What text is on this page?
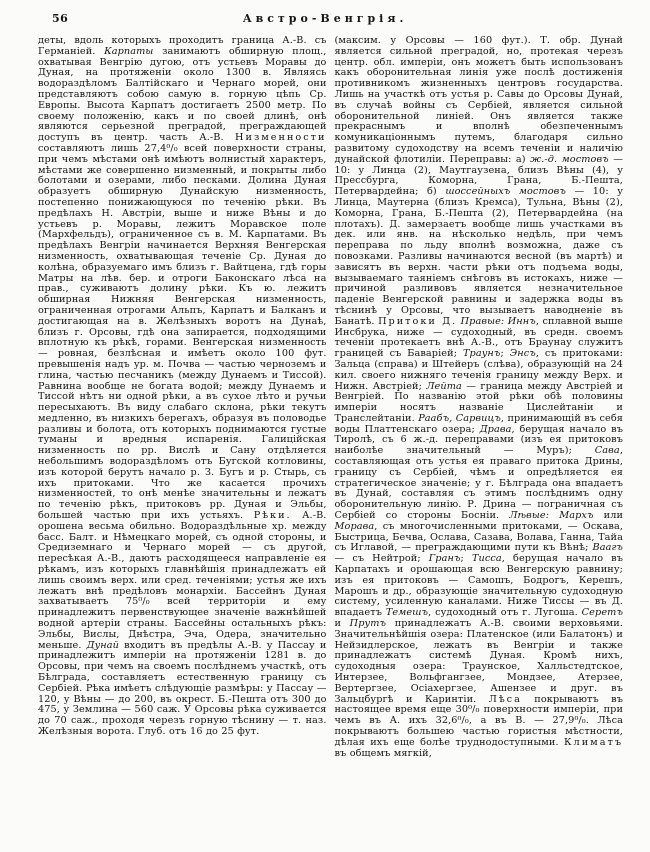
56	Австро-Венгрія.
деты, вдоль которыхъ проходитъ граница А.-В. съ Германіей. Карпаты занимаютъ обширную площ., охватывая Венгрію дугою, отъ устьевъ Моравы до Дуная, на протяженіи около 1300 в. Являясь водораздѣломъ Балтійскаго и Чернаго морей, они представляютъ собою самую в. горную цѣпь Ср. Европы. Высота Карпатъ достигаетъ 2500 метр. По своему положенію, какъ и по своей длинѣ, онѣ являются серьезной преградой, преграждающей доступъ въ центр. часть А.-В. Низменности составляютъ лишь 27,4⁰/₀ всей поверхности страны, при чемъ мѣстами онѣ имѣютъ волнистый характеръ, мѣстами же совершенно низменный, и покрыты либо болотами и озерами, либо песками. Долина Дуная образуетъ обширную Дунайскую низменность, постепенно понижающуюся по теченію рѣки. Въ предѣлахъ Н. Австріи, выше и ниже Вѣны и до устьевъ р. Моравы, лежитъ Моравское поле (Мархфельдъ), ограниченное съ в. М. Карпатами. Въ предѣлахъ Венгріи начинается Верхняя Венгерская низменность, охватывающая теченіе Ср. Дуная до колѣна, образуемаго имъ близъ г. Вайтцена, гдѣ горы Матры на лѣв. бер. и отроги Баконскаго лѣса на прав., суживаютъ долину рѣки. Къ ю. лежитъ обширная Нижняя Венгерская низменность, ограниченная отрогами Альпъ, Карпатъ и Балканъ и достигающая на в. Желѣзныхъ воротъ на Дунаѣ, близъ г. Орсовы, гдѣ она запирается, подходящими вплотную къ рѣкѣ, горами. Венгерская низменность — ровная, безлѣсная и имѣетъ около 100 фут. превышенія надъ ур. м. Почва — частью черноземъ и глина, частью песчаникъ (между Дунаемъ и Тиссой). Равнина вообще не богата водой; между Дунаемъ и Тиссой нѣтъ ни одной рѣки, а въ сухое лѣто и ручьи пересыхаютъ. Въ виду слабаго склона, рѣки текутъ медленно, въ низкихъ берегахъ, образуя въ половодье разливы и болота, отъ которыхъ поднимаются густые туманы и вредныя испаренія. Галиційская низменность по рр. Вислѣ и Сану отдѣляется небольшимъ водораздѣломъ отъ Бугской котловины, изъ которой берутъ начало р. З. Бугъ и р. Стырь, съ ихъ притоками. Что же касается прочихъ низменностей, то онѣ менѣе значительны и лежатъ по теченію рѣкъ, притоковъ рр. Дуная и Эльбы, большей частью при ихъ устьяхъ. Рѣки. А.-В. орошена весьма обильно. Водораздѣльные хр. между басс. Балт. и Нѣмецкаго морей, съ одной стороны, и Средиземнаго и Чернаго морей — съ другой, пересѣкая А.-В., даютъ расходящееся направленіе ея рѣкамъ, изъ которыхъ главнѣйшія принадлежатъ ей лишь своимъ верх. или сред. теченіями; устья же ихъ лежатъ внѣ предѣловъ монархіи. Бассейнъ Дуная захватываетъ 75⁰/₀ всей территоріи и ему принадлежитъ первенствующее значеніе важнѣйшей водной артеріи страны. Бассейны остальныхъ рѣкъ: Эльбы, Вислы, Днѣстра, Эча, Одера, значительно меньше. Дунай входитъ въ предѣлы А.-В. у Пассау и принадлежитъ имперіи на протяженіи 1281 в. до Орсовы, при чемъ на своемъ послѣднемъ участкѣ, отъ Бѣлграда, составляетъ естественную границу съ Сербіей. Рѣка имѣетъ слѣдующіе размѣры: у Пассау — 120, у Вѣны — до 200, въ окрест. Б.-Пешта отъ 300 до 475, у Землина — 560 саж. У Орсовы рѣка суживается до 70 саж., проходя черезъ горную тѣснину — т. наз. Желѣзныя ворота. Глуб. отъ 16 до 25 фут.
(максим. у Орсовы — 160 фут.). Т. обр. Дунай является сильной преградой, но, протекая черезъ центр. обл. имперіи, онъ можетъ быть использованъ какъ оборонительная линія уже послѣ достиженія противникомъ жизненныхъ центровъ государства. Лишь на участкѣ отъ устья р. Савы до Орсовы Дунай, въ случаѣ войны съ Сербіей, является сильной оборонительной линіей. Онъ является также прекраснымъ и вполнѣ обезпеченнымъ комуникаціоннымъ путемъ, благодаря сильно развитому судоходству на всемъ теченіи и наличію дунайской флотиліи. Переправы: а) ж.-д. мостовъ — 10: у Линца (2), Маутгаузена, близъ Вѣны (4), у Прессбурга, Коморна, Грана, Б.-Пешта, Петервардейна; б) шоссейныхъ мостовъ — 10: у Линца, Маутерна (близъ Кремса), Тульна, Вѣны (2), Коморна, Грана, Б.-Пешта (2), Петервардейна (на плотахъ). Д. замерзаетъ вообще лишь участками въ дек. или янв. на нѣсколько недѣль, при чемъ переправа по льду вполнѣ возможна, даже съ повозками. Разливы начинаются весной (въ мартѣ) и зависятъ въ верхн. части рѣки отъ подъема воды, вызываемаго таяніемъ снѣговъ въ истокахъ, ниже — причиной разливовъ является незначительное паденіе Венгерской равнины и задержка воды въ тѣснинѣ у Орсовы, что вызываетъ наводненіе въ Банатѣ. Притоки Д. Правые: Иннъ, сплавной выше Инсбрука, ниже — судоходный, въ средн. своемъ теченіи протекаетъ внѣ А.-В., отъ Браунау служитъ границей съ Баваріей; Траунъ; Энсъ, съ притоками: Зальца (справа) и Штейеръ (слѣва), образующій на 24 кил. своего нижняго теченія границу между Верх. и Нижн. Австріей; Лейта — граница между Австріей и Венгріей. По названію этой рѣки обѣ половины имперіи носятъ названіе Цислейтаніи и Транслейтаніи. Раабъ, Сарвицъ, принимающій въ себя воды Платтенскаго озера; Драва, берущая начало въ Тиролѣ, съ 6 ж.-д. переправами (изъ ея притоковъ наиболѣе значительный — Муръ); Сава, составляющая отъ устья ея праваго притока Дрины, границу съ Сербіей, чѣмъ и опредѣляется ея стратегическое значеніе; у г. Бѣлграда она впадаетъ въ Дунай, составляя съ этимъ послѣднимъ одну оборонительную линію. Р. Дрина — пограничная съ Сербіей со стороны Босніи. Лѣвые: Мархъ или Морава, съ многочисленными притоками, — Оскава, Быстрица, Бечва, Ослава, Сазава, Волава, Ганна, Тайа съ Иглавой, — преграждающими пути къ Вѣнѣ; Ваагъ — съ Нейтрой; Гранъ; Тисса, берущая начало въ Карпатахъ и орошающая всю Венгерскую равнину; изъ ея притоковъ — Самошъ, Бодрогъ, Керешъ, Марошъ и др., образующіе значительную судоходную систему, усиленную каналами. Ниже Тиссы — въ Д. впадаетъ Темешъ, судоходный отъ г. Лугоша. Серетъ и Прутъ принадлежатъ А.-В. своими верховьями. Значительнѣйшія озера: Платенское (или Балатонъ) и Нейзидлерское, лежатъ въ Венгріи и также принадлежатъ системѣ Дуная. Кромѣ нихъ, судоходныя озера: Траунское, Халльстедтское, Интерзее, Вольфгангзее, Мондзее, Атерзее, Вертергзее, Осіахергзее, Ашензее и друг. въ Зальцбургѣ и Каринтіи. Лѣса покрываютъ въ настоящее время еще 30⁰/₀ поверхности имперіи, при чемъ въ А. ихъ 32,6⁰/₀, а въ В. — 27,9⁰/₀. Лѣса покрываютъ большею частью гористыя мѣстности, дѣлая ихъ еще болѣе труднодоступными. Климатъ въ общемъ мягкій,
